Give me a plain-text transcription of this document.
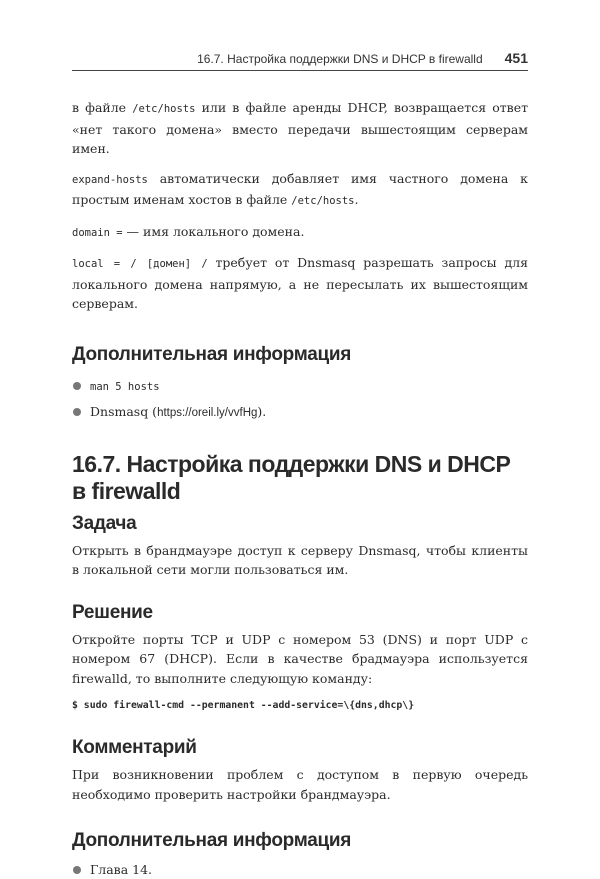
16.7. Настройка поддержки DNS и DHCP в firewalld 451

в файле /etc/hosts или в файле аренды DHCP, возвращается ответ «нет такого домена» вместо передачи вышестоящим серверам имен.

expand-hosts автоматически добавляет имя частного домена к простым именам хостов в файле /etc/hosts.

domain = — имя локального домена.

local = / [домен] / требует от Dnsmasq разрешать запросы для локального домена напрямую, а не пересылать их вышестоящим серверам.

Дополнительная информация
man 5 hosts
Dnsmasq (https://oreil.ly/vvfHg).
16.7. Настройка поддержки DNS и DHCP в firewalld
Задача

Открыть в брандмауэре доступ к серверу Dnsmasq, чтобы клиенты в локальной сети могли пользоваться им.

Решение

Откройте порты TCP и UDP с номером 53 (DNS) и порт UDP с номером 67 (DHCP). Если в качестве брадмауэра используется firewalld, то выполните следующую команду:

$ sudo firewall-cmd --permanent --add-service=\{dns,dhcp\}
Комментарий

При возникновении проблем с доступом в первую очередь необходимо проверить настройки брандмауэра.

Дополнительная информация
Глава 14.
